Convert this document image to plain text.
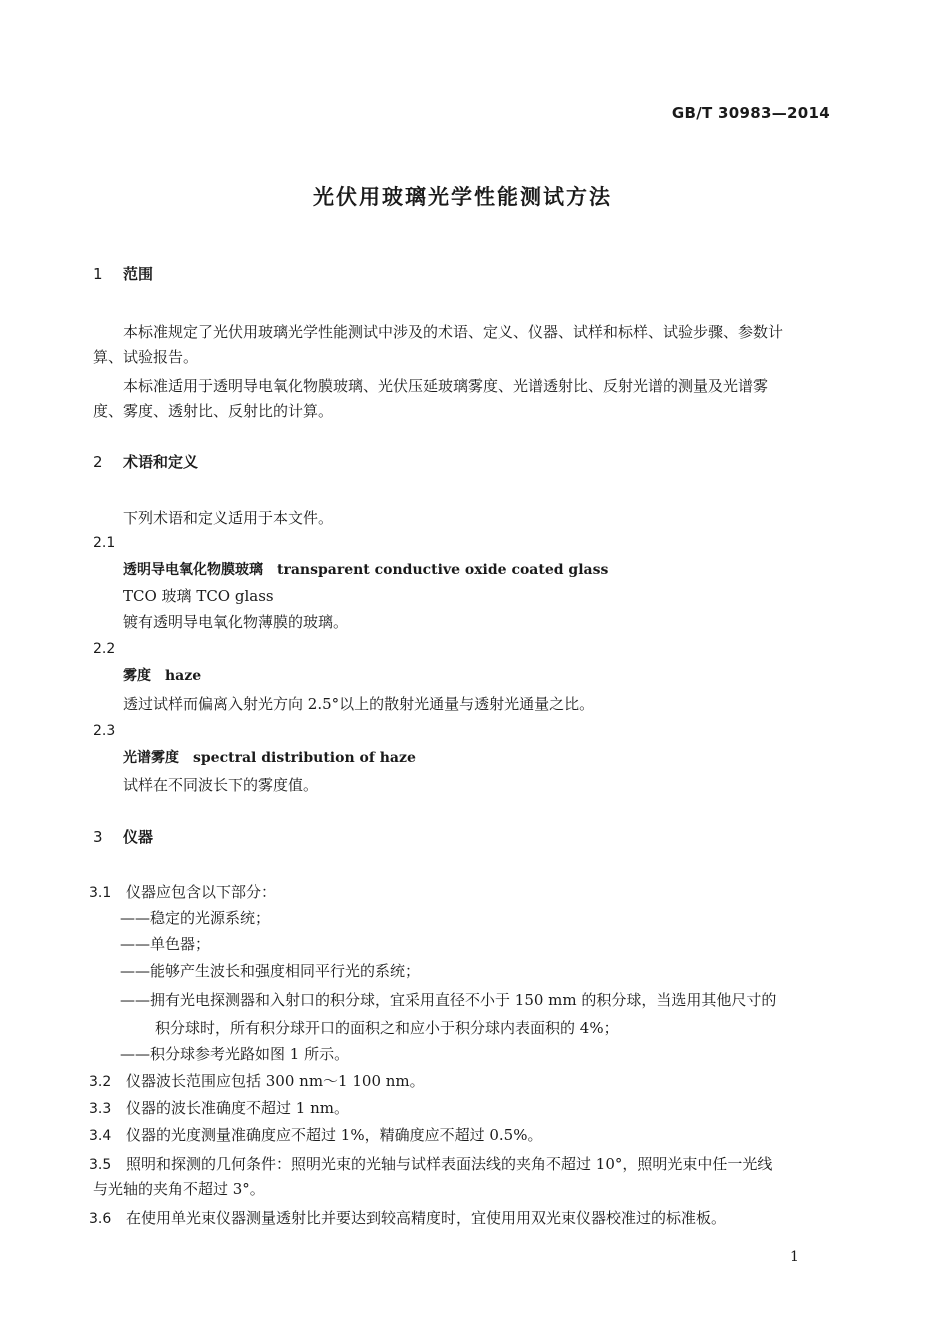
GB/T 30983—2014
光伏用玻璃光学性能测试方法
1 范围
本标准规定了光伏用玻璃光学性能测试中涉及的术语、定义、仪器、试样和标样、试验步骤、参数计
算、试验报告。
本标准适用于透明导电氧化物膜玻璃、光伏压延玻璃雾度、光谱透射比、反射光谱的测量及光谱雾
度、雾度、透射比、反射比的计算。
2 术语和定义
下列术语和定义适用于本文件。
2.1
透明导电氧化物膜玻璃 transparent conductive oxide coated glass
TCO 玻璃 TCO glass
镀有透明导电氧化物薄膜的玻璃。
2.2
雾度 haze
透过试样而偏离入射光方向 2.5°以上的散射光通量与透射光通量之比。
2.3
光谱雾度 spectral distribution of haze
试样在不同波长下的雾度值。
3 仪器
3.1 仪器应包含以下部分：
——稳定的光源系统；
——单色器；
——能够产生波长和强度相同平行光的系统；
——拥有光电探测器和入射口的积分球，宜采用直径不小于 150 mm 的积分球，当选用其他尺寸的
积分球时，所有积分球开口的面积之和应小于积分球内表面积的 4%；
——积分球参考光路如图 1 所示。
3.2 仪器波长范围应包括 300 nm～1 100 nm。
3.3 仪器的波长准确度不超过 1 nm。
3.4 仪器的光度测量准确度应不超过 1%，精确度应不超过 0.5%。
3.5 照明和探测的几何条件：照明光束的光轴与试样表面法线的夹角不超过 10°，照明光束中任一光线
与光轴的夹角不超过 3°。
3.6 在使用单光束仪器测量透射比并要达到较高精度时，宜使用用双光束仪器校准过的标准板。
1
